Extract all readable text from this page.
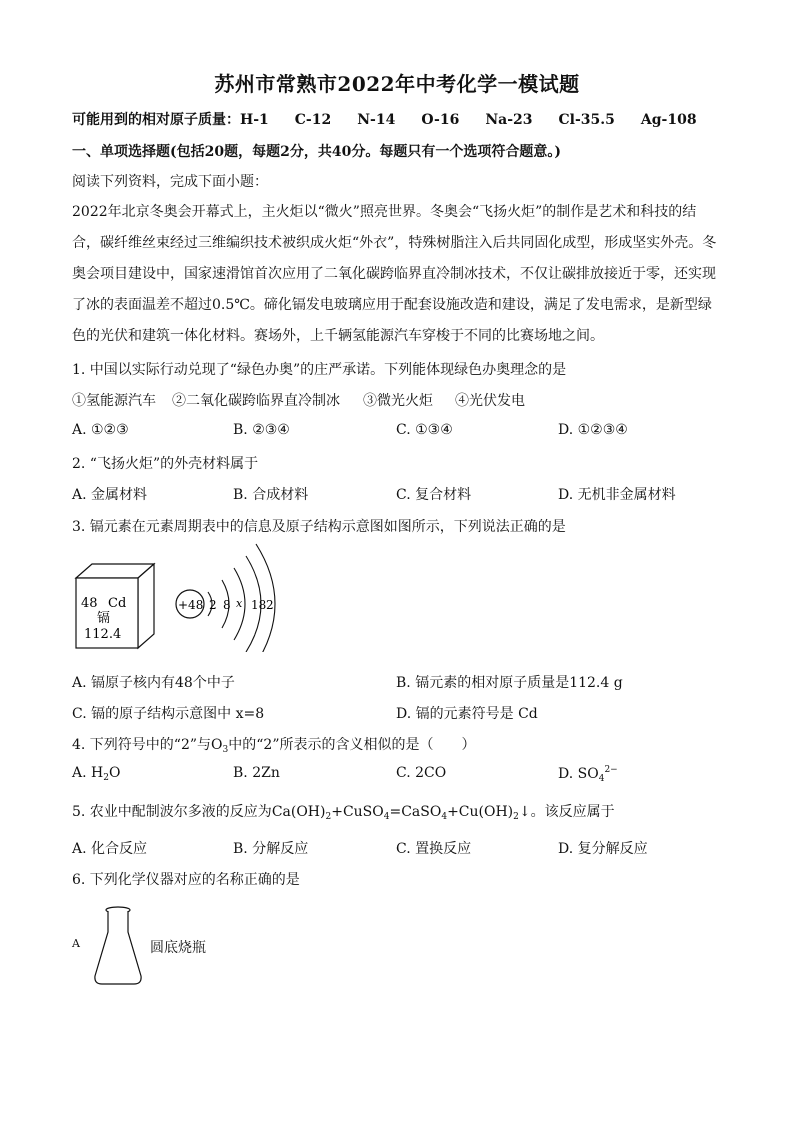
苏州市常熟市2022年中考化学一模试题
可能用到的相对原子质量：H-1 C-12 N-14 O-16 Na-23 Cl-35.5 Ag-108
一、单项选择题(包括20题，每题2分，共40分。每题只有一个选项符合题意。)
阅读下列资料，完成下面小题：
2022年北京冬奥会开幕式上，主火炬以“微火”照亮世界。冬奥会“飞扬火炬”的制作是艺术和科技的结合，碳纤维丝束经过三维编织技术被织成火炬“外衣”，特殊树脂注入后共同固化成型，形成坚实外壳。冬奥会项目建设中，国家速滑馆首次应用了二氧化碳跨临界直冷制冰技术，不仅让碳排放接近于零，还实现了冰的表面温差不超过0.5℃。碲化镉发电玻璃应用于配套设施改造和建设，满足了发电需求，是新型绿色的光伏和建筑一体化材料。赛场外，上千辆氢能源汽车穿梭于不同的比赛场地之间。
1. 中国以实际行动兑现了“绿色办奥”的庄严承诺。下列能体现绿色办奥理念的是
①氢能源汽车 ②二氧化碳跨临界直冷制冰 ③微光火炬 ④光伏发电
A. ①②③	B. ②③④	C. ①③④	D. ①②③④
2. “飞扬火炬”的外壳材料属于
A. 金属材料	B. 合成材料	C. 复合材料	D. 无机非金属材料
3. 镉元素在元素周期表中的信息及原子结构示意图如图所示，下列说法正确的是
48 Cd
镉
112.4
+48 2 8 x 18 2
A. 镉原子核内有48个中子	B. 镉元素的相对原子质量是112.4 g
C. 镉的原子结构示意图中 x=8	D. 镉的元素符号是 Cd
4. 下列符号中的“2”与$O_3$中的“2”所表示的含义相似的是（　　）
A. $H_2O$	B. 2Zn	C. 2CO	D. $SO_4^{2-}$
5. 农业中配制波尔多液的反应为$Ca(OH)_2+CuSO_4=CaSO_4+Cu(OH)_2↓$。该反应属于
A. 化合反应	B. 分解反应	C. 置换反应	D. 复分解反应
6. 下列化学仪器对应的名称正确的是
A	圆底烧瓶
